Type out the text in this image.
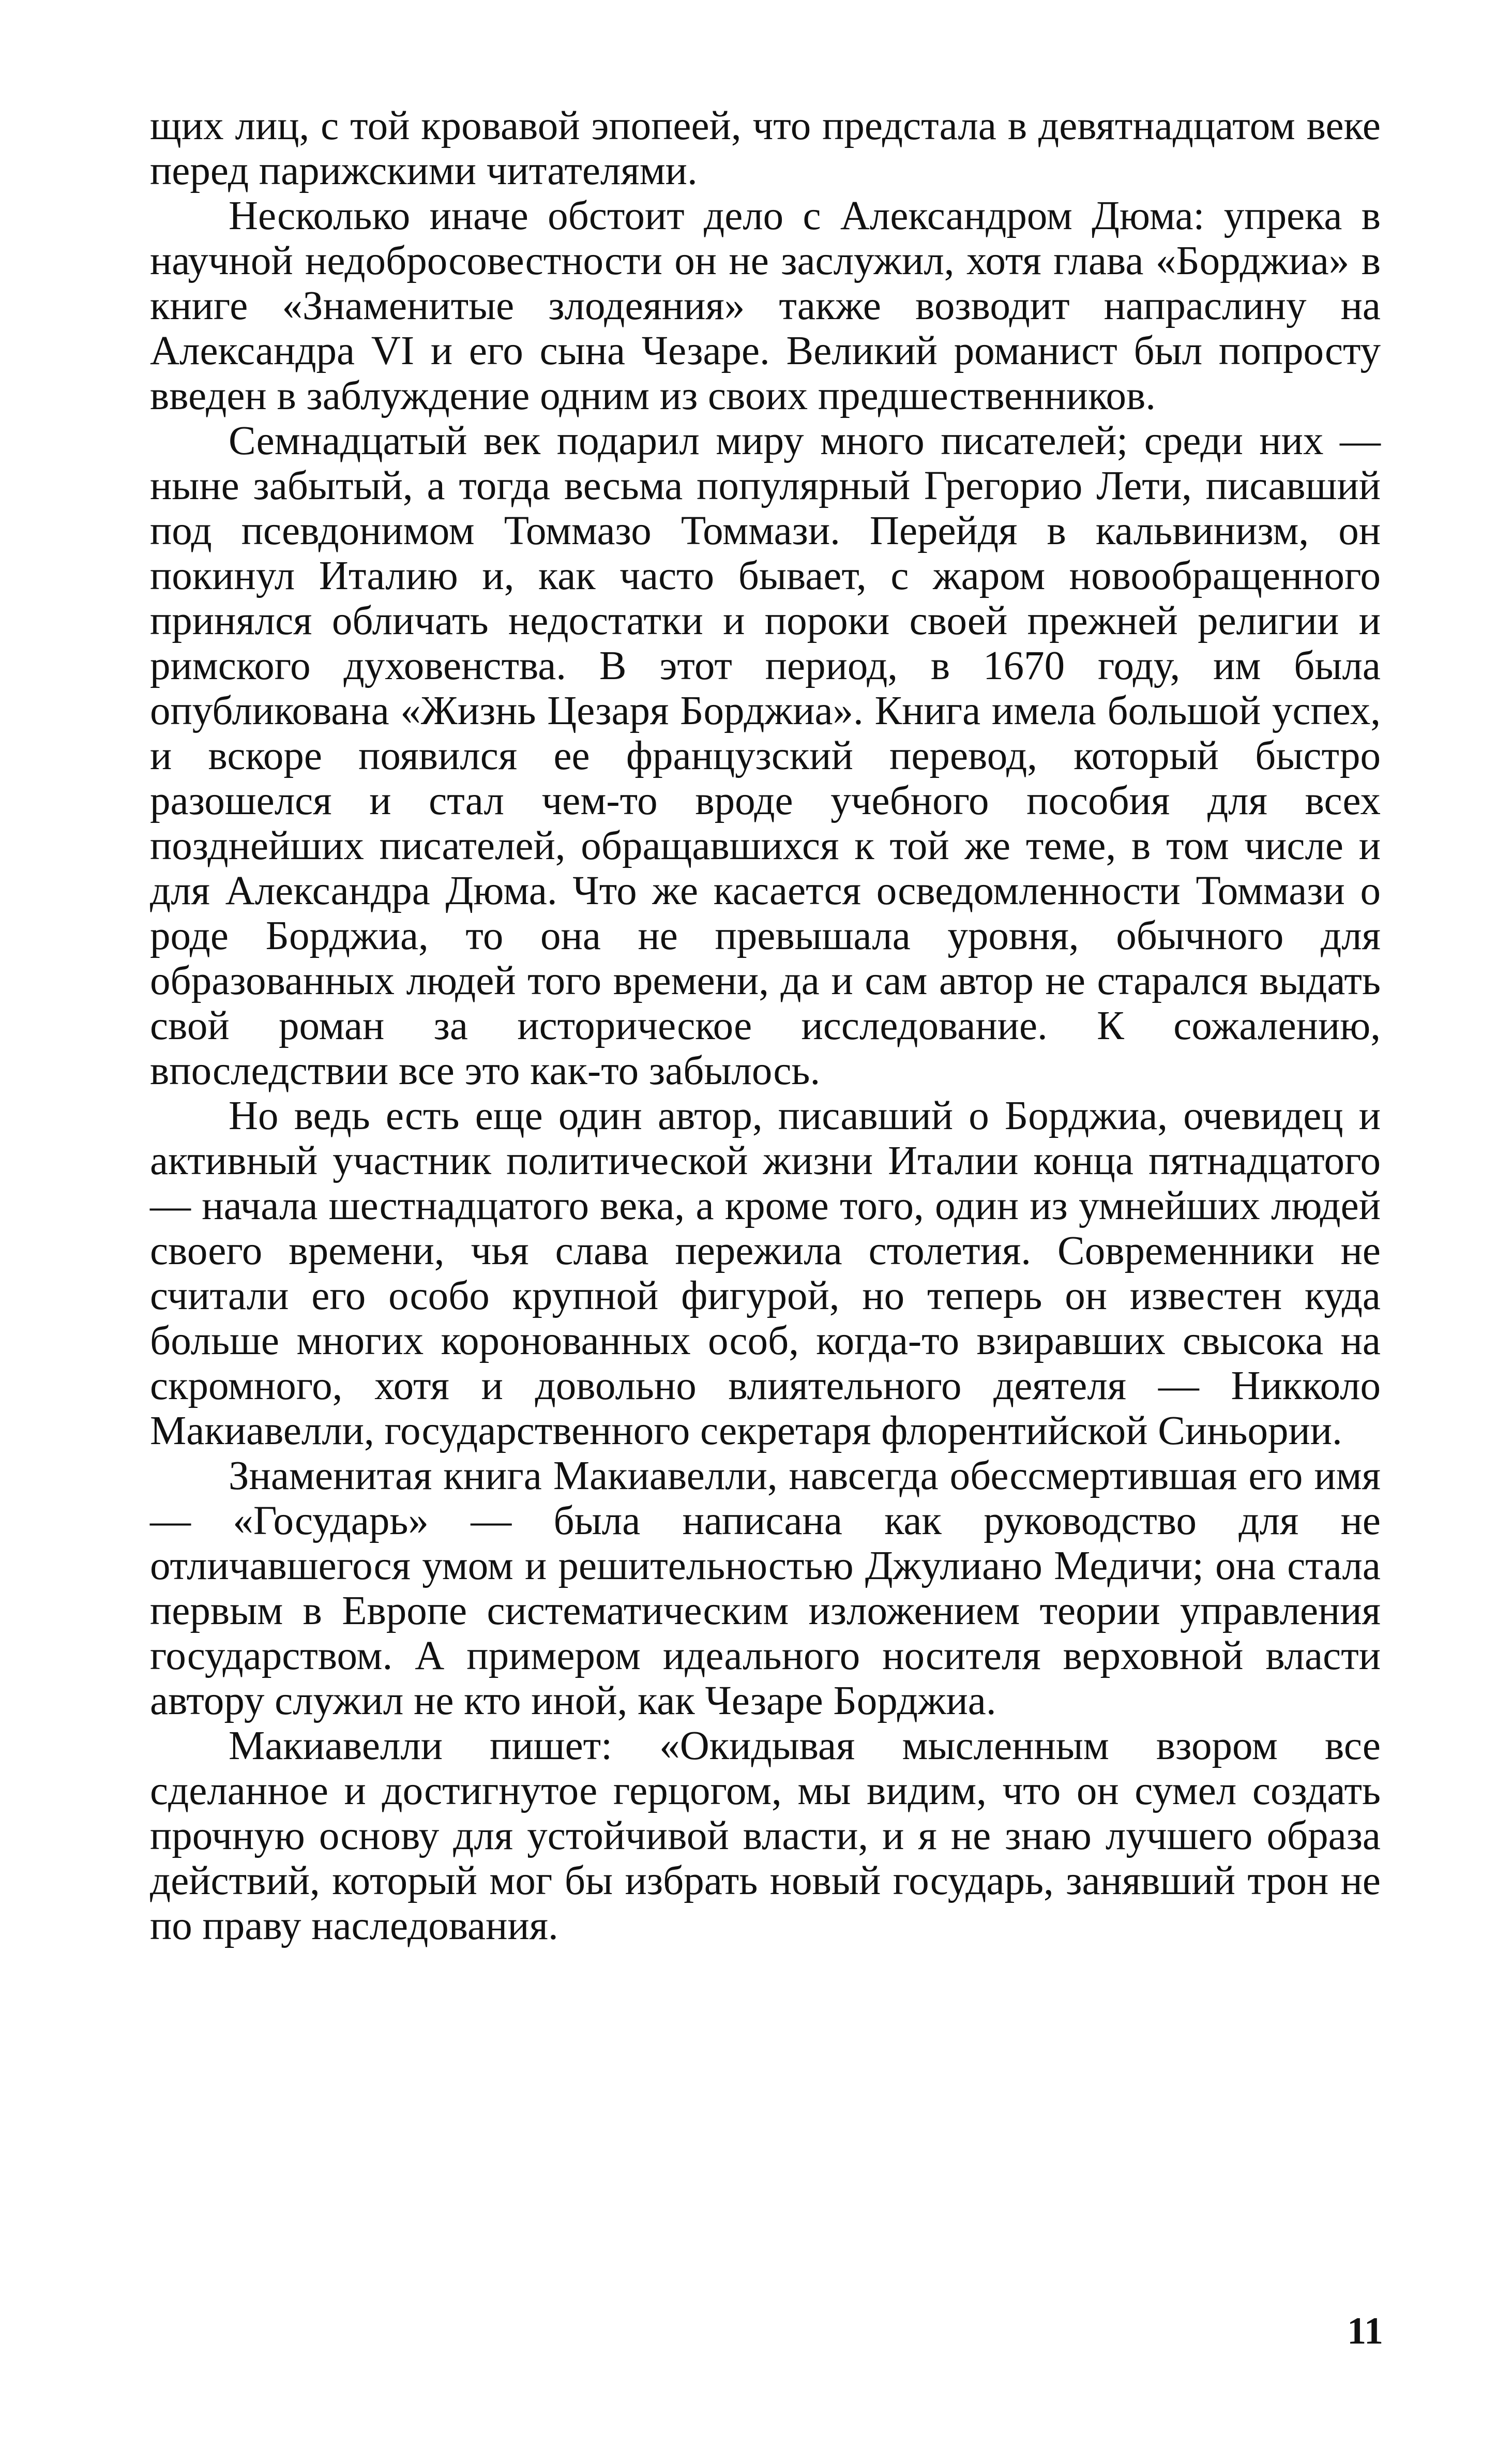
щих лиц, с той кровавой эпопеей, что предстала в девятнадцатом веке перед парижскими читателями.

Несколько иначе обстоит дело с Александром Дюма: упрека в научной недобросовестности он не заслужил, хотя глава «Борджиа» в книге «Знаменитые злодеяния» также возводит напраслину на Александра VI и его сына Чезаре. Великий романист был попросту введен в заблуждение одним из своих предшественников.

Семнадцатый век подарил миру много писателей; среди них — ныне забытый, а тогда весьма популярный Грегорио Лети, писавший под псевдонимом Томмазо Томмази. Перейдя в кальвинизм, он покинул Италию и, как часто бывает, с жаром новообращенного принялся обличать недостатки и пороки своей прежней религии и римского духовенства. В этот период, в 1670 году, им была опубликована «Жизнь Цезаря Борджиа». Книга имела большой успех, и вскоре появился ее французский перевод, который быстро разошелся и стал чем-то вроде учебного пособия для всех позднейших писателей, обращавшихся к той же теме, в том числе и для Александра Дюма. Что же касается осведомленности Томмази о роде Борджиа, то она не превышала уровня, обычного для образованных людей того времени, да и сам автор не старался выдать свой роман за историческое исследование. К сожалению, впоследствии все это как-то забылось.

Но ведь есть еще один автор, писавший о Борджиа, очевидец и активный участник политической жизни Италии конца пятнадцатого — начала шестнадцатого века, а кроме того, один из умнейших людей своего времени, чья слава пережила столетия. Современники не считали его особо крупной фигурой, но теперь он известен куда больше многих коронованных особ, когда-то взиравших свысока на скромного, хотя и довольно влиятельного деятеля — Никколо Макиавелли, государственного секретаря флорентийской Синьории.

Знаменитая книга Макиавелли, навсегда обессмертившая его имя — «Государь» — была написана как руководство для не отличавшегося умом и решительностью Джулиано Медичи; она стала первым в Европе систематическим изложением теории управления государством. А примером идеального носителя верховной власти автору служил не кто иной, как Чезаре Борджиа.

Макиавелли пишет: «Окидывая мысленным взором все сделанное и достигнутое герцогом, мы видим, что он сумел создать прочную основу для устойчивой власти, и я не знаю лучшего образа действий, который мог бы избрать новый государь, занявший трон не по праву наследования.

11
